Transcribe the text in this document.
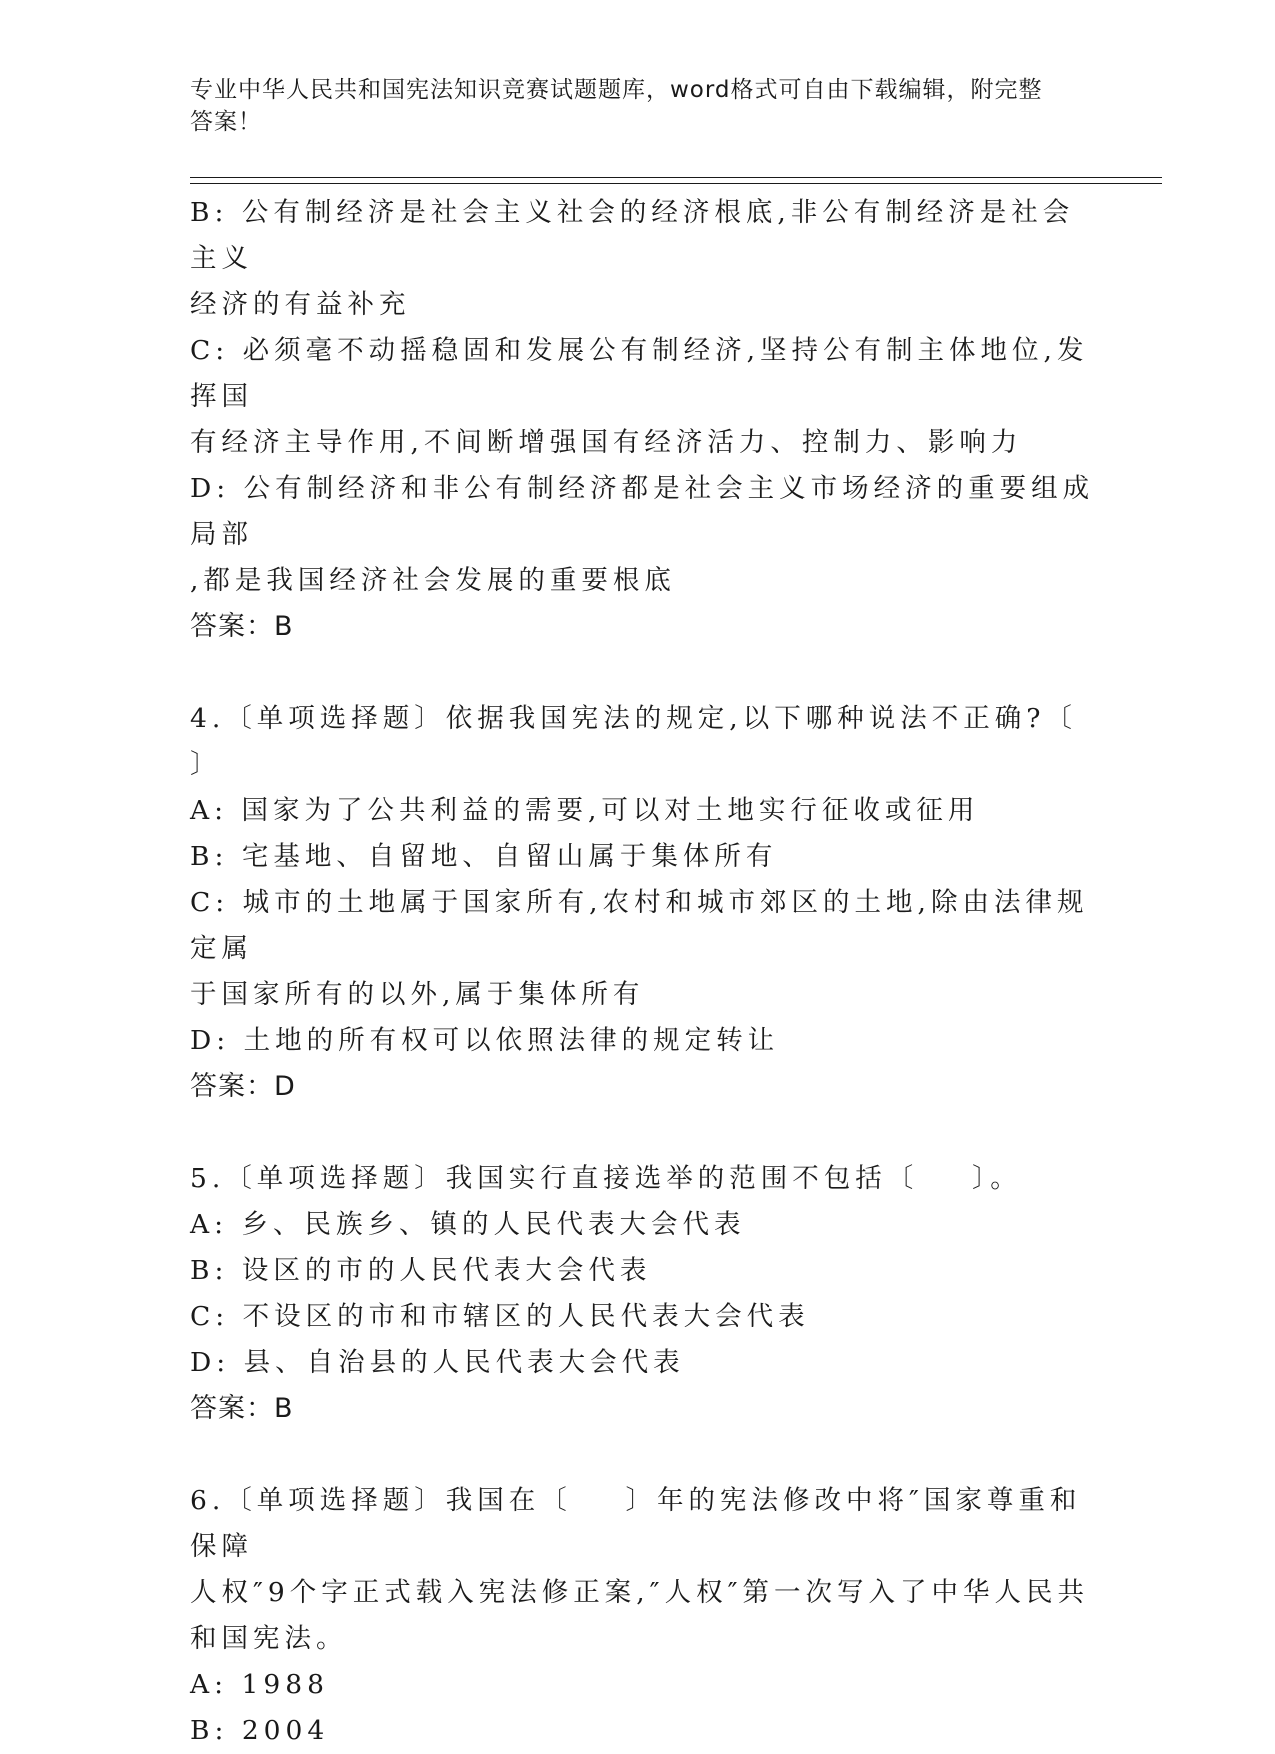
专业中华人民共和国宪法知识竞赛试题题库，word格式可自由下载编辑，附完整
答案！

B: 公有制经济是社会主义社会的经济根底,非公有制经济是社会主义

经济的有益补充

C: 必须毫不动摇稳固和发展公有制经济,坚持公有制主体地位,发挥国

有经济主导作用,不间断增强国有经济活力、控制力、影响力

D: 公有制经济和非公有制经济都是社会主义市场经济的重要组成局部

,都是我国经济社会发展的重要根底

答案：B

4.〔单项选择题〕依据我国宪法的规定,以下哪种说法不正确?〔    〕

A: 国家为了公共利益的需要,可以对土地实行征收或征用

B: 宅基地、自留地、自留山属于集体所有

C: 城市的土地属于国家所有,农村和城市郊区的土地,除由法律规定属

于国家所有的以外,属于集体所有

D: 土地的所有权可以依照法律的规定转让

答案：D

5.〔单项选择题〕我国实行直接选举的范围不包括〔    〕。

A: 乡、民族乡、镇的人民代表大会代表

B: 设区的市的人民代表大会代表

C: 不设区的市和市辖区的人民代表大会代表

D: 县、自治县的人民代表大会代表

答案：B

6.〔单项选择题〕我国在〔    〕年的宪法修改中将″国家尊重和保障

人权″9个字正式载入宪法修正案,″人权″第一次写入了中华人民共

和国宪法。

A: 1988

B: 2004
